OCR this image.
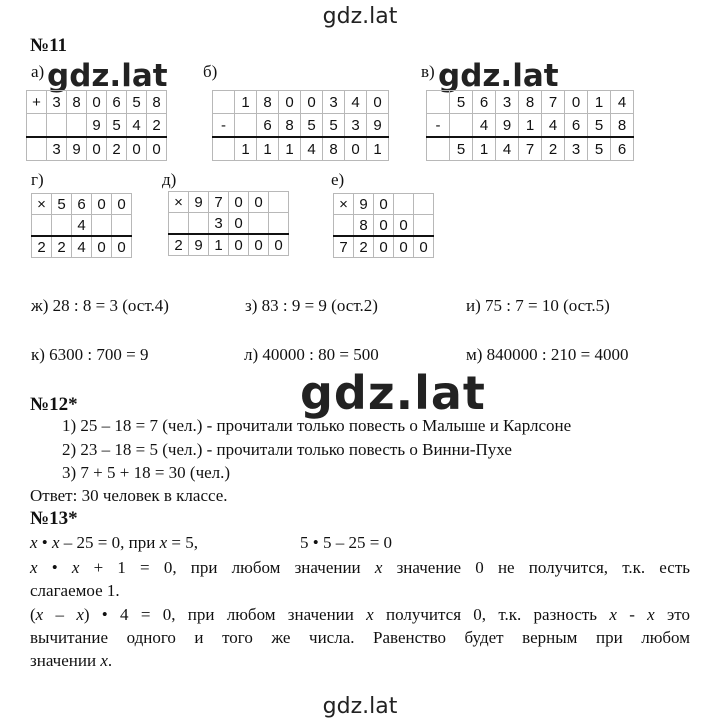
gdz.lat
№11
а)	б)	в)
gdz.lat	gdz.lat
+	3	8	0	6	5	8
			9	5	4	2
	3	9	0	2	0	0
	1	8	0	0	3	4	0
-		6	8	5	5	3	9
	1	1	1	4	8	0	1
	5	6	3	8	7	0	1	4
-		4	9	1	4	6	5	8
	5	1	4	7	2	3	5	6
г)	д)	е)
×	5	6	0	0
		4		
2	2	4	0	0
×	9	7	0	0	
		3	0		
2	9	1	0	0	0
×	9	0		
	8	0	0	
7	2	0	0	0
ж) 28 : 8 = 3 (ост.4)	з) 83 : 9 = 9 (ост.2)	и) 75 : 7 = 10 (ост.5)
к) 6300 : 700 = 9	л) 40000 : 80 = 500	м) 840000 : 210 = 4000
gdz.lat
№12*
1) 25 – 18 = 7 (чел.) - прочитали только повесть о Малыше и Карлсоне
2) 23 – 18 = 5 (чел.) - прочитали только повесть о Винни-Пухе
3) 7 + 5 + 18 = 30 (чел.)
Ответ: 30 человек в классе.
№13*
x • x – 25 = 0, при x = 5,	5 • 5 – 25 = 0
x • x + 1 = 0, при любом значении x значение 0 не получится, т.к. есть
слагаемое 1.
(x – x) • 4 = 0, при любом значении x получится 0, т.к. разность x - x это
вычитание одного и того же числа. Равенство будет верным при любом
значении x.
gdz.lat
